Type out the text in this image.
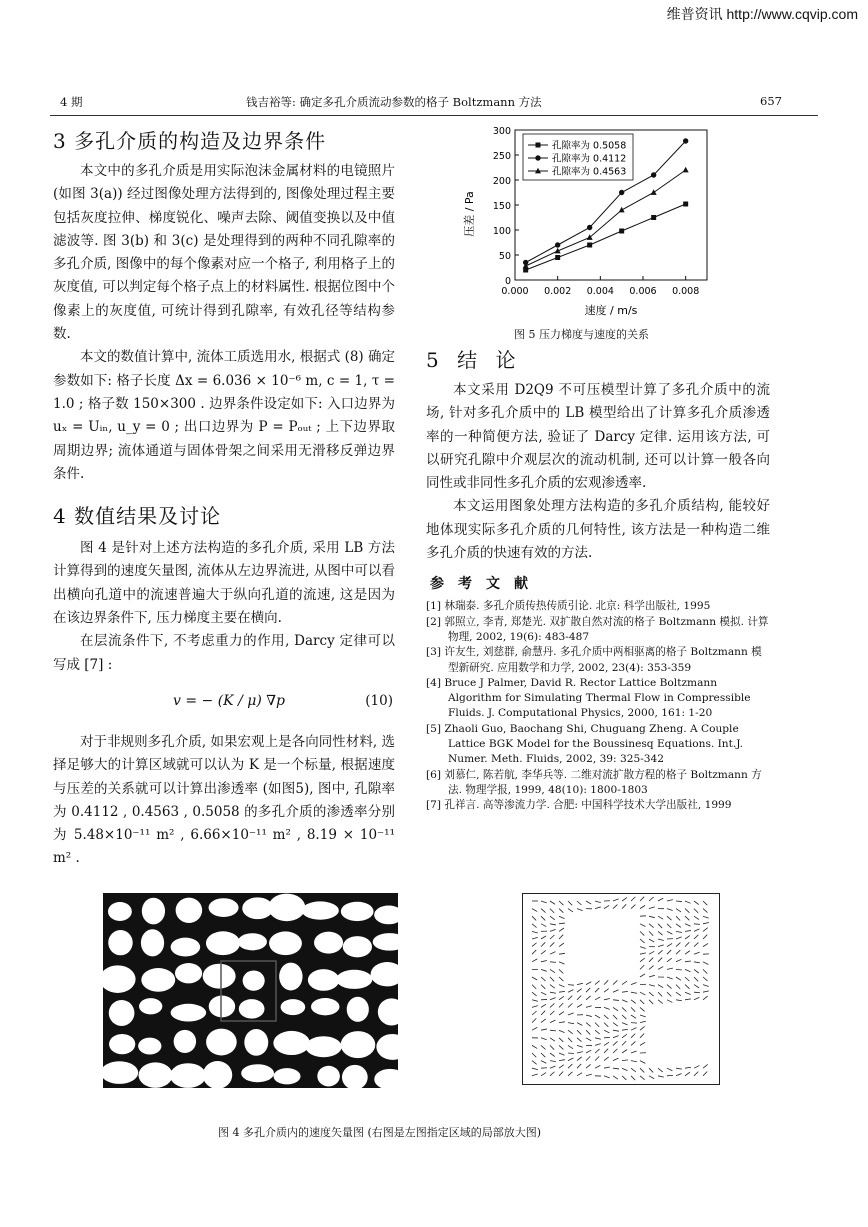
维普资讯 http://www.cqvip.com
4 期	钱吉裕等: 确定多孔介质流动参数的格子 Boltzmann 方法	657
3 多孔介质的构造及边界条件

本文中的多孔介质是用实际泡沫金属材料的电镜照片 (如图 3(a)) 经过图像处理方法得到的, 图像处理过程主要包括灰度拉伸、梯度锐化、噪声去除、阈值变换以及中值滤波等. 图 3(b) 和 3(c) 是处理得到的两种不同孔隙率的多孔介质, 图像中的每个像素对应一个格子, 利用格子上的灰度值, 可以判定每个格子点上的材料属性. 根据位图中个像素上的灰度值, 可统计得到孔隙率, 有效孔径等结构参数.

本文的数值计算中, 流体工质选用水, 根据式 (8) 确定参数如下: 格子长度 Δx = 6.036 × 10⁻⁶ m, c = 1, τ = 1.0 ; 格子数 150×300 . 边界条件设定如下: 入口边界为 uₓ = Uᵢₙ, u_y = 0 ; 出口边界为 P = Pₒᵤₜ ; 上下边界取周期边界; 流体通道与固体骨架之间采用无滑移反弹边界条件.

4 数值结果及讨论

图 4 是针对上述方法构造的多孔介质, 采用 LB 方法计算得到的速度矢量图, 流体从左边界流进, 从图中可以看出横向孔道中的流速普遍大于纵向孔道的流速, 这是因为在该边界条件下, 压力梯度主要在横向.

在层流条件下, 不考虑重力的作用, Darcy 定律可以写成 [7] :

v = − (K / μ) ∇p	(10)

对于非规则多孔介质, 如果宏观上是各向同性材料, 选择足够大的计算区域就可以认为 K 是一个标量, 根据速度与压差的关系就可以计算出渗透率 (如图5), 图中, 孔隙率为 0.4112 , 0.4563 , 0.5058 的多孔介质的渗透率分别为 5.48×10⁻¹¹ m² , 6.66×10⁻¹¹ m² , 8.19 × 10⁻¹¹ m² .

0
50
100
150
200
250
300
0.000 0.002 0.004 0.006 0.008
孔隙率为 0.5058
孔隙率为 0.4112
孔隙率为 0.4563
压差 / Pa
速度 / m/s
图 5 压力梯度与速度的关系
5 结 论

本文采用 D2Q9 不可压模型计算了多孔介质中的流场, 针对多孔介质中的 LB 模型给出了计算多孔介质渗透率的一种简便方法, 验证了 Darcy 定律. 运用该方法, 可以研究孔隙中介观层次的流动机制, 还可以计算一般各向同性或非同性多孔介质的宏观渗透率.

本文运用图象处理方法构造的多孔介质结构, 能较好地体现实际多孔介质的几何特性, 该方法是一种构造二维多孔介质的快速有效的方法.

参考文献
[1] 林瑞泰. 多孔介质传热传质引论. 北京: 科学出版社, 1995
[2] 郭照立, 李青, 郑楚光. 双扩散自然对流的格子 Boltzmann 模拟. 计算物理, 2002, 19(6): 483-487
[3] 许友生, 刘慈群, 俞慧丹. 多孔介质中两相驱离的格子 Boltzmann 模型新研究. 应用数学和力学, 2002, 23(4): 353-359
[4] Bruce J Palmer, David R. Rector Lattice Boltzmann Algorithm for Simulating Thermal Flow in Compressible Fluids. J. Computational Physics, 2000, 161: 1-20
[5] Zhaoli Guo, Baochang Shi, Chuguang Zheng. A Couple Lattice BGK Model for the Boussinesq Equations. Int.J. Numer. Meth. Fluids, 2002, 39: 325-342
[6] 刘慕仁, 陈若航, 李华兵等. 二维对流扩散方程的格子 Boltzmann 方法. 物理学报, 1999, 48(10): 1800-1803
[7] 孔祥言. 高等渗流力学. 合肥: 中国科学技术大学出版社, 1999
图 4 多孔介质内的速度矢量图 (右图是左图指定区域的局部放大图)
